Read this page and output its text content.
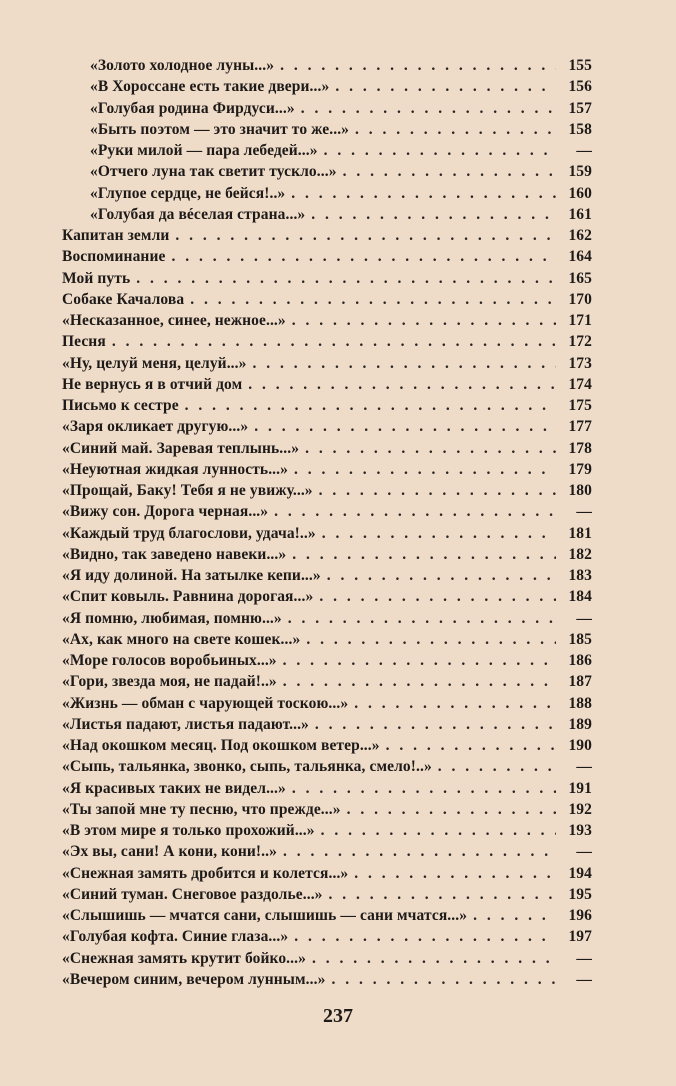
«Золото холодное луны...» . . .	155
«В Хороссане есть такие двери...» . . .	156
«Голубая родина Фирдуси...» . . .	157
«Быть поэтом — это значит то же...» . . .	158
«Руки милой — пара лебедей...» . . .	—
«Отчего луна так светит тускло...» . . .	159
«Глупое сердце, не бейся!..» . . .	160
«Голубая да вéселая страна...» . . .	161
Капитан земли . . .	162
Воспоминание . . .	164
Мой путь . . .	165
Собаке Качалова . . .	170
«Несказанное, синее, нежное...» . . .	171
Песня . . .	172
«Ну, целуй меня, целуй...» . . .	173
Не вернусь я в отчий дом . . .	174
Письмо к сестре . . .	175
«Заря окликает другую...» . . .	177
«Синий май. Заревая теплынь...» . . .	178
«Неуютная жидкая лунность...» . . .	179
«Прощай, Баку! Тебя я не увижу...» . . .	180
«Вижу сон. Дорога черная...» . . .	—
«Каждый труд благослови, удача!..» . . .	181
«Видно, так заведено навеки...» . . .	182
«Я иду долиной. На затылке кепи...» . . .	183
«Спит ковыль. Равнина дорогая...» . . .	184
«Я помню, любимая, помню...» . . .	—
«Ах, как много на свете кошек...» . . .	185
«Море голосов воробьиных...» . . .	186
«Гори, звезда моя, не падай!..» . . .	187
«Жизнь — обман с чарующей тоскою...» . . .	188
«Листья падают, листья падают...» . . .	189
«Над окошком месяц. Под окошком ветер...» . . .	190
«Сыпь, тальянка, звонко, сыпь, тальянка, смело!..» . . .	—
«Я красивых таких не видел...» . . .	191
«Ты запой мне ту песню, что прежде...» . . .	192
«В этом мире я только прохожий...» . . .	193
«Эх вы, сани! А кони, кони!..» . . .	—
«Снежная замять дробится и колется...» . . .	194
«Синий туман. Снеговое раздолье...» . . .	195
«Слышишь — мчатся сани, слышишь — сани мчатся...» . . .	196
«Голубая кофта. Синие глаза...» . . .	197
«Снежная замять крутит бойко...» . . .	—
«Вечером синим, вечером лунным...» . . .	—
237
